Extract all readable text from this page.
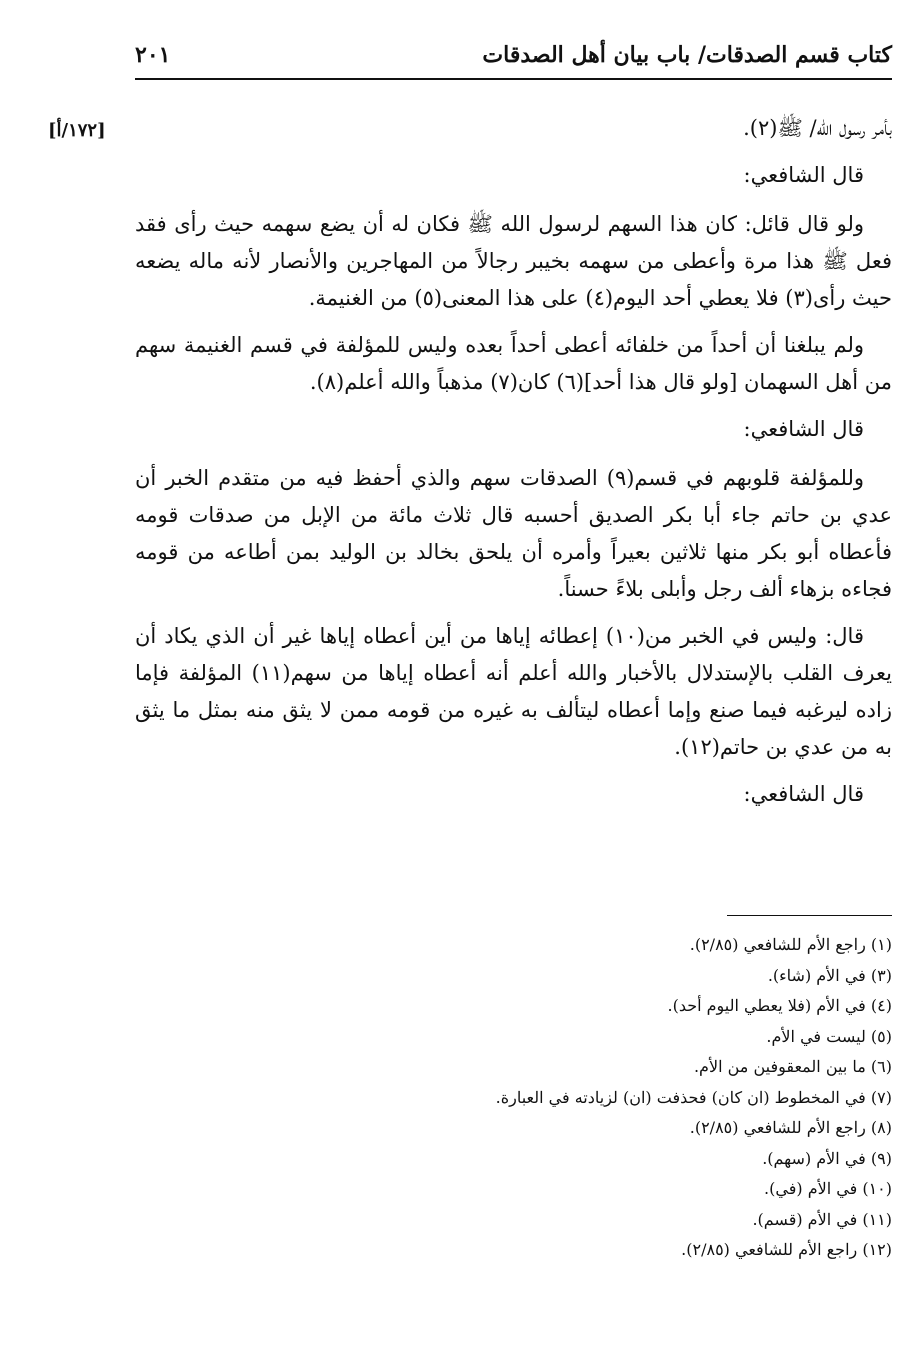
كتاب قسم الصدقات/ باب بيان أهل الصدقات
٢٠١
[١٧٢/أ]	بأمر رسول الله/ ﷺ(٢).

قال الشافعي:

ولو قال قائل: كان هذا السهم لرسول الله ﷺ فكان له أن يضع سهمه حيث رأى فقد فعل ﷺ هذا مرة وأعطى من سهمه بخيبر رجالاً من المهاجرين والأنصار لأنه ماله يضعه حيث رأى(٣) فلا يعطي أحد اليوم(٤) على هذا المعنى(٥) من الغنيمة.

ولم يبلغنا أن أحداً من خلفائه أعطى أحداً بعده وليس للمؤلفة في قسم الغنيمة سهم من أهل السهمان [ولو قال هذا أحد](٦) كان(٧) مذهباً والله أعلم(٨).

قال الشافعي:

وللمؤلفة قلوبهم في قسم(٩) الصدقات سهم والذي أحفظ فيه من متقدم الخبر أن عدي بن حاتم جاء أبا بكر الصديق أحسبه قال ثلاث مائة من الإبل من صدقات قومه فأعطاه أبو بكر منها ثلاثين بعيراً وأمره أن يلحق بخالد بن الوليد بمن أطاعه من قومه فجاءه بزهاء ألف رجل وأبلى بلاءً حسناً.

قال: وليس في الخبر من(١٠) إعطائه إياها من أين أعطاه إياها غير أن الذي يكاد أن يعرف القلب بالإستدلال بالأخبار والله أعلم أنه أعطاه إياها من سهم(١١) المؤلفة فإما زاده ليرغبه فيما صنع وإما أعطاه ليتألف به غيره من قومه ممن لا يثق منه بمثل ما يثق به من عدي بن حاتم(١٢).

قال الشافعي:

(١) راجع الأم للشافعي (٢/٨٥).
(٣) في الأم (شاء).
(٤) في الأم (فلا يعطي اليوم أحد).
(٥) ليست في الأم.
(٦) ما بين المعقوفين من الأم.
(٧) في المخطوط (ان كان) فحذفت (ان) لزيادته في العبارة.
(٨) راجع الأم للشافعي (٢/٨٥).
(٩) في الأم (سهم).
(١٠) في الأم (في).
(١١) في الأم (قسم).
(١٢) راجع الأم للشافعي (٢/٨٥).
